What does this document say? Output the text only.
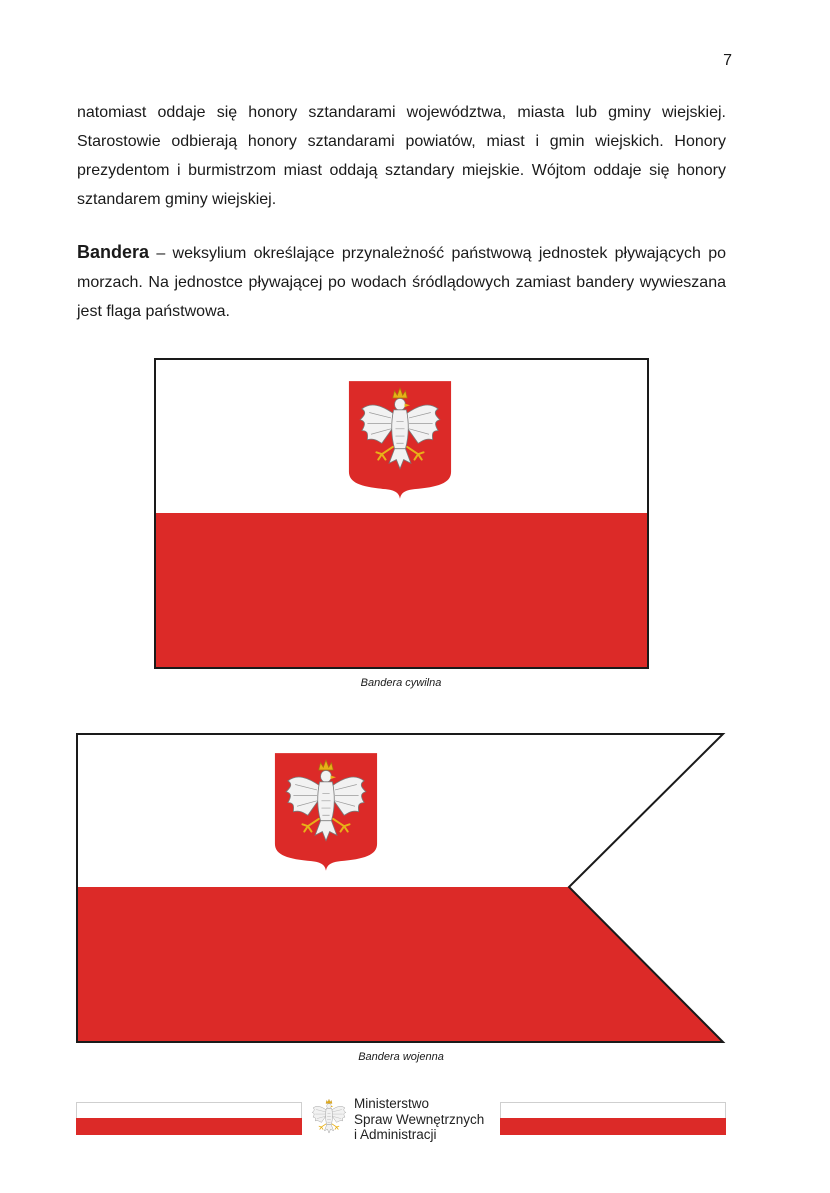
7

natomiast oddaje się honory sztandarami województwa, miasta lub gminy wiejskiej. Starostowie odbierają honory sztandarami powiatów, miast i gmin wiejskich. Honory prezydentom i burmistrzom miast oddają sztandary miejskie. Wójtom oddaje się honory sztandarem gminy wiejskiej.

Bandera – weksylium określające przynależność państwową jednostek pływających po morzach. Na jednostce pływającej po wodach śródlądowych zamiast bandery wywieszana jest flaga państwowa.

Bandera cywilna
Bandera wojenna
Ministerstwo
Spraw Wewnętrznych
i Administracji
